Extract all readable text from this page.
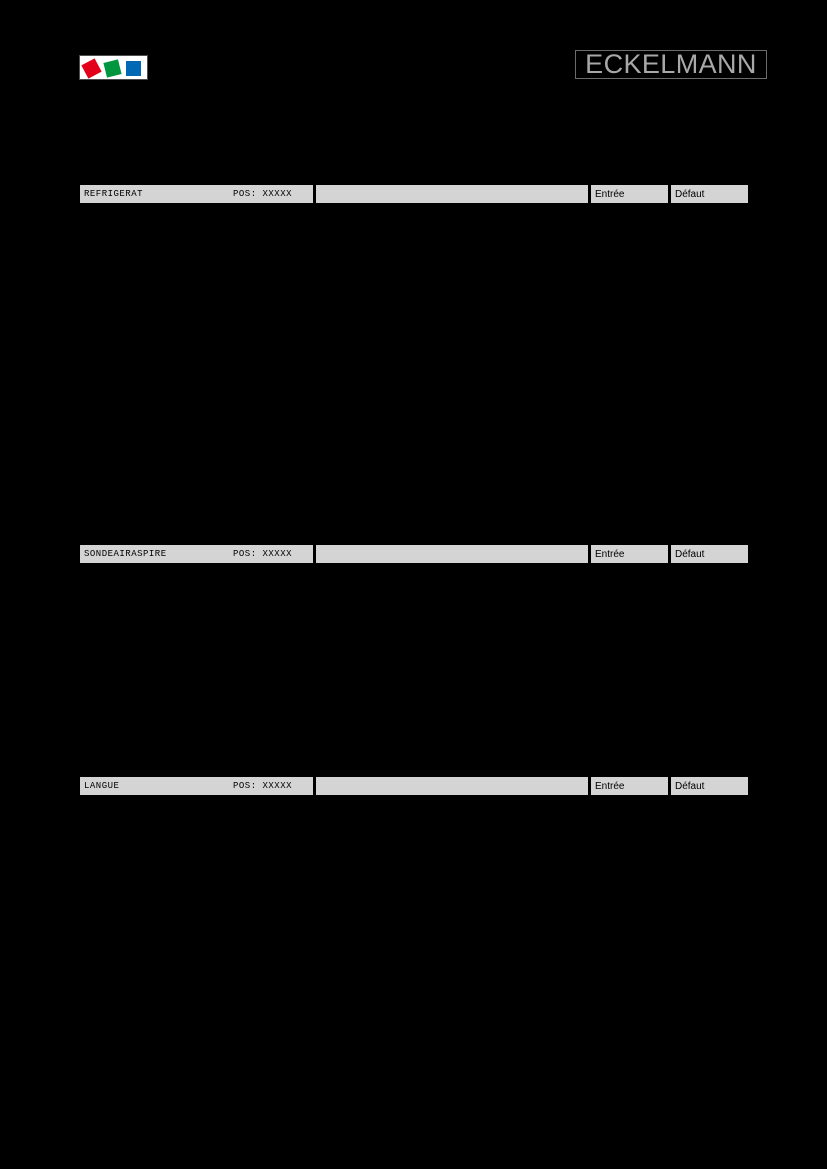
ECKELMANN
REFRIGERAT	POS: XXXXX	Entrée	Défaut
SONDEAIRASPIRE	POS: XXXXX	Entrée	Défaut
LANGUE	POS: XXXXX	Entrée	Défaut
